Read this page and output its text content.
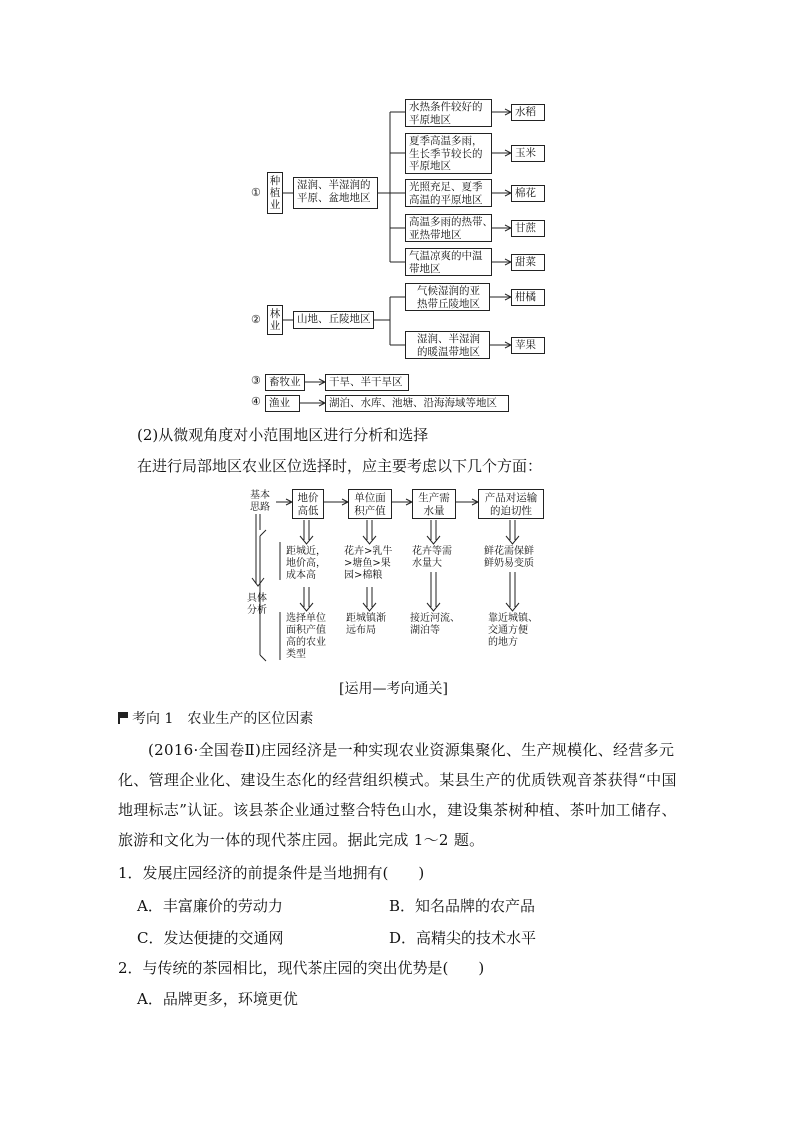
①
种
植
业
湿润、半湿润的
平原、盆地地区
水热条件较好的
平原地区
夏季高温多雨，
生长季节较长的
平原地区
光照充足、夏季
高温的平原地区
高温多雨的热带、
亚热带地区
气温凉爽的中温
带地区
水稻
玉米
棉花
甘蔗
甜菜
② 林
业
山地、丘陵地区
气候湿润的亚
热带丘陵地区
湿润、半湿润
的暖温带地区
柑橘
苹果
③ 畜牧业	干旱、半干旱区
④ 渔业	湖泊、水库、池塘、沿海海域等地区
(2)从微观角度对小范围地区进行分析和选择
在进行局部地区农业区位选择时，应主要考虑以下几个方面：
基本
思路
具体
分析
地价
高低
单位面
积产值
生产需
水量
产品对运输
的迫切性
距城近，
地价高，
成本高
花卉>乳牛
>塘鱼>果
园>棉粮
花卉等需
水量大
鲜花需保鲜
鲜奶易变质
选择单位
面积产值
高的农业
类型
距城镇渐
远布局
接近河流、
湖泊等
靠近城镇、
交通方便
的地方
[运用—考向通关]
考向 1　农业生产的区位因素
(2016·全国卷Ⅱ)庄园经济是一种实现农业资源集聚化、生产规模化、经营多元化、管理企业化、建设生态化的经营组织模式。某县生产的优质铁观音茶获得“中国地理标志”认证。该县茶企业通过整合特色山水，建设集茶树种植、茶叶加工储存、旅游和文化为一体的现代茶庄园。据此完成 1～2 题。
1．发展庄园经济的前提条件是当地拥有(　　)
A．丰富廉价的劳动力	B．知名品牌的农产品
C．发达便捷的交通网	D．高精尖的技术水平
2．与传统的茶园相比，现代茶庄园的突出优势是(　　)
A．品牌更多，环境更优
